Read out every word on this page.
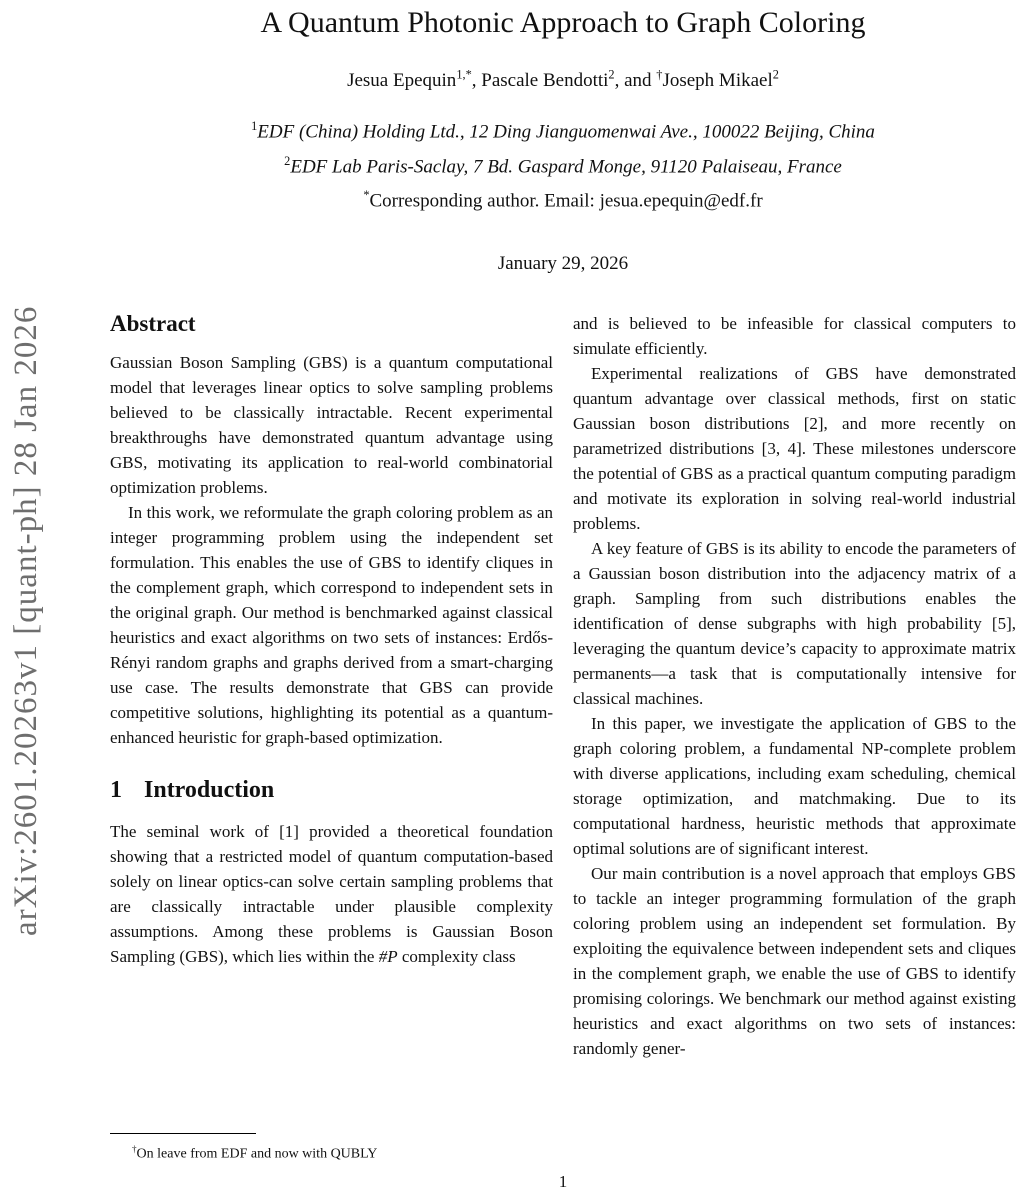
arXiv:2601.20263v1 [quant-ph] 28 Jan 2026
A Quantum Photonic Approach to Graph Coloring
Jesua Epequin$^{1,*}$, Pascale Bendotti$^2$, and †Joseph Mikael$^2$
$^1$EDF (China) Holding Ltd., 12 Ding Jianguomenwai Ave., 100022 Beijing, China
$^2$EDF Lab Paris-Saclay, 7 Bd. Gaspard Monge, 91120 Palaiseau, France
*Corresponding author. Email: jesua.epequin@edf.fr
January 29, 2026
Abstract

Gaussian Boson Sampling (GBS) is a quantum computational model that leverages linear optics to solve sampling problems believed to be classically intractable. Recent experimental breakthroughs have demonstrated quantum advantage using GBS, motivating its application to real-world combinatorial optimization problems.

In this work, we reformulate the graph coloring problem as an integer programming problem using the independent set formulation. This enables the use of GBS to identify cliques in the complement graph, which correspond to independent sets in the original graph. Our method is benchmarked against classical heuristics and exact algorithms on two sets of instances: Erdős-Rényi random graphs and graphs derived from a smart-charging use case. The results demonstrate that GBS can provide competitive solutions, highlighting its potential as a quantum-enhanced heuristic for graph-based optimization.

1 Introduction

The seminal work of [1] provided a theoretical foundation showing that a restricted model of quantum computation-based solely on linear optics-can solve certain sampling problems that are classically intractable under plausible complexity assumptions. Among these problems is Gaussian Boson Sampling (GBS), which lies within the #P complexity class

†On leave from EDF and now with QUBLY

and is believed to be infeasible for classical computers to simulate efficiently.

Experimental realizations of GBS have demonstrated quantum advantage over classical methods, first on static Gaussian boson distributions [2], and more recently on parametrized distributions [3, 4]. These milestones underscore the potential of GBS as a practical quantum computing paradigm and motivate its exploration in solving real-world industrial problems.

A key feature of GBS is its ability to encode the parameters of a Gaussian boson distribution into the adjacency matrix of a graph. Sampling from such distributions enables the identification of dense subgraphs with high probability [5], leveraging the quantum device’s capacity to approximate matrix permanents—a task that is computationally intensive for classical machines.

In this paper, we investigate the application of GBS to the graph coloring problem, a fundamental NP-complete problem with diverse applications, including exam scheduling, chemical storage optimization, and matchmaking. Due to its computational hardness, heuristic methods that approximate optimal solutions are of significant interest.

Our main contribution is a novel approach that employs GBS to tackle an integer programming formulation of the graph coloring problem using an independent set formulation. By exploiting the equivalence between independent sets and cliques in the complement graph, we enable the use of GBS to identify promising colorings. We benchmark our method against existing heuristics and exact algorithms on two sets of instances: randomly gener-

1
